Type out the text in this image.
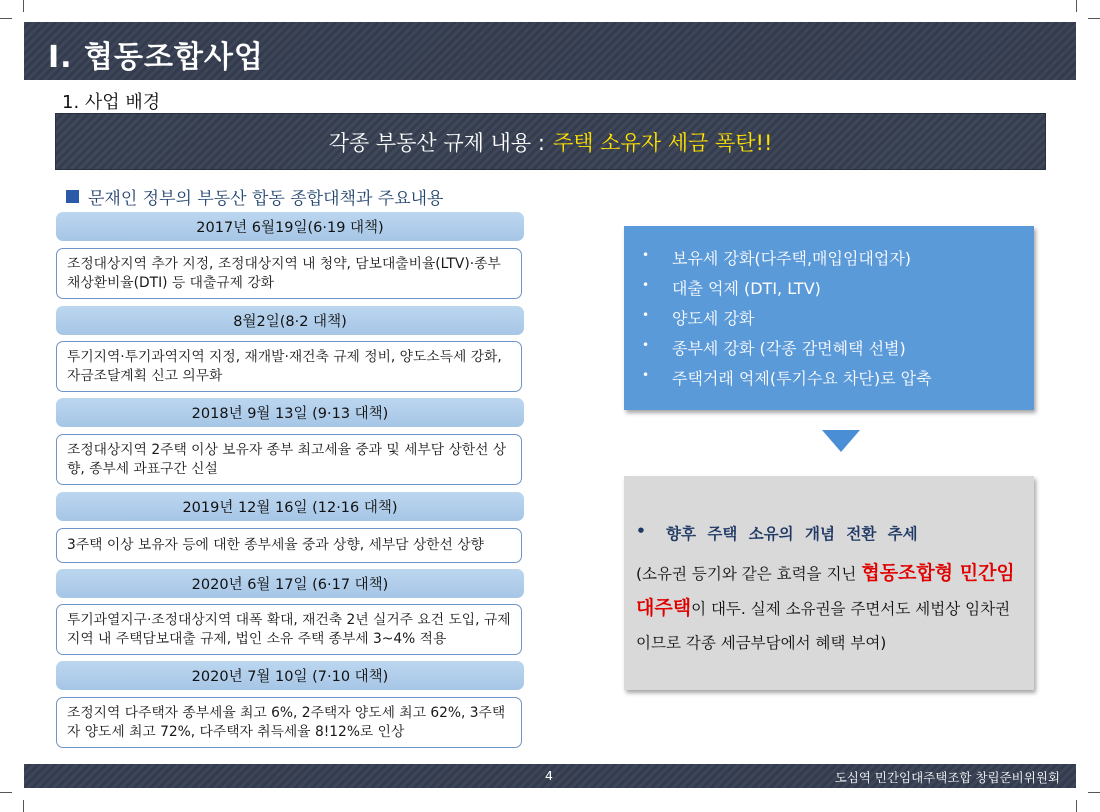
Ⅰ. 협동조합사업
1. 사업 배경
각종 부동산 규제 내용 : 주택 소유자 세금 폭탄!!
문재인 정부의 부동산 합동 종합대책과 주요내용
2017년 6월19일(6·19 대책)
조정대상지역 추가 지정, 조정대상지역 내 청약, 담보대출비율(LTV)·종부채상환비율(DTI) 등 대출규제 강화
8월2일(8·2 대책)
투기지역·투기과역지역 지정, 재개발·재건축 규제 정비, 양도소득세 강화, 자금조달계획 신고 의무화
2018년 9월 13일 (9·13 대책)
조정대상지역 2주택 이상 보유자 종부 최고세율 중과 및 세부담 상한선 상향, 종부세 과표구간 신설
2019년 12월 16일 (12·16 대책)
3주택 이상 보유자 등에 대한 종부세율 중과 상향, 세부담 상한선 상향
2020년 6월 17일 (6·17 대책)
투기과열지구·조정대상지역 대폭 확대, 재건축 2년 실거주 요건 도입, 규제지역 내 주택담보대출 규제, 법인 소유 주택 종부세 3~4% 적용
2020년 7월 10일 (7·10 대책)
조정지역 다주택자 종부세율 최고 6%, 2주택자 양도세 최고 62%, 3주택자 양도세 최고 72%, 다주택자 취득세율 8!12%로 인상
•	보유세 강화(다주택,매입임대업자)
•	대출 억제 (DTI, LTV)
•	양도세 강화
•	종부세 강화 (각종 감면혜택 선별)
•	주택거래 억제(투기수요 차단)로 압축
•	향후 주택 소유의 개념 전환 추세
(소유권 등기와 같은 효력을 지닌 협동조합형 민간임대주택이 대두. 실제 소유권을 주면서도 세법상 임차권이므로 각종 세금부담에서 혜택 부여)
4	도심역 민간임대주택조합 창립준비위원회
